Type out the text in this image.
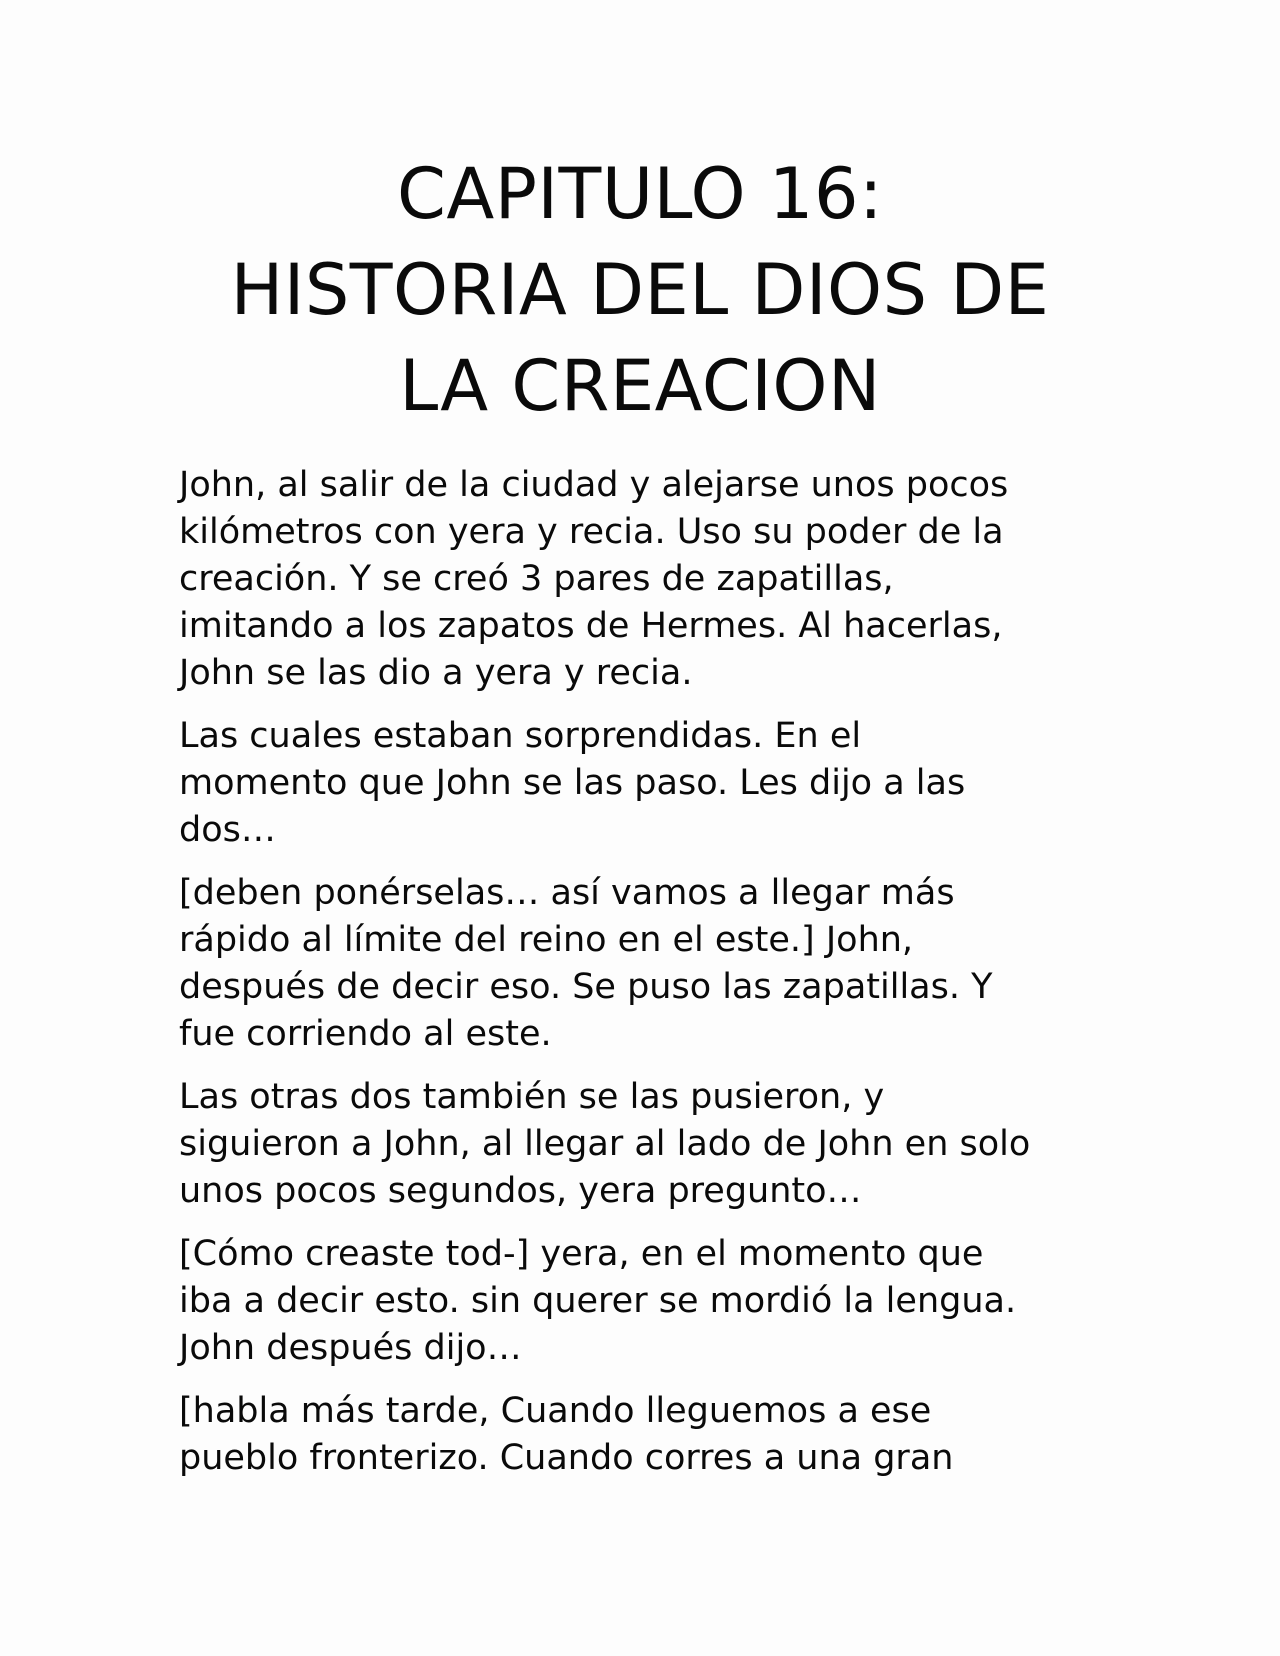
CAPITULO 16:
HISTORIA DEL DIOS DE
LA CREACION

John, al salir de la ciudad y alejarse unos pocos
kilómetros con yera y recia. Uso su poder de la
creación. Y se creó 3 pares de zapatillas,
imitando a los zapatos de Hermes. Al hacerlas,
John se las dio a yera y recia.

Las cuales estaban sorprendidas. En el
momento que John se las paso. Les dijo a las
dos…

[deben ponérselas… así vamos a llegar más
rápido al límite del reino en el este.] John,
después de decir eso. Se puso las zapatillas. Y
fue corriendo al este.

Las otras dos también se las pusieron, y
siguieron a John, al llegar al lado de John en solo
unos pocos segundos, yera pregunto…

[Cómo creaste tod-] yera, en el momento que
iba a decir esto. sin querer se mordió la lengua.
John después dijo…

[habla más tarde, Cuando lleguemos a ese
pueblo fronterizo. Cuando corres a una gran
